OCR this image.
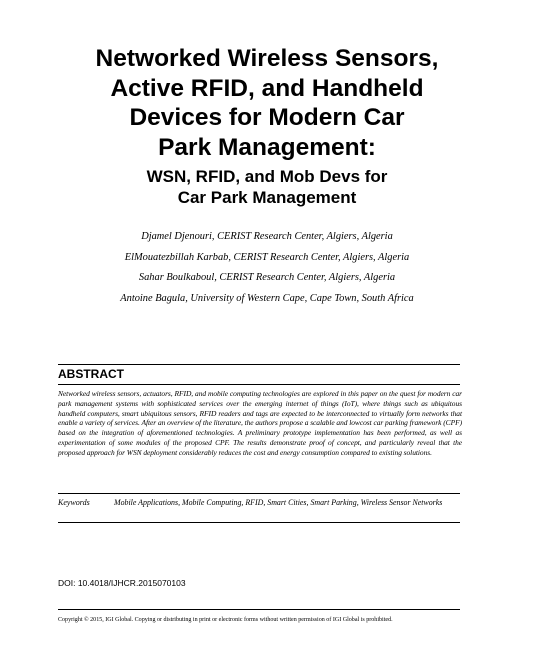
Networked Wireless Sensors,
Active RFID, and Handheld
Devices for Modern Car
Park Management:
WSN, RFID, and Mob Devs for
Car Park Management
Djamel Djenouri, CERIST Research Center, Algiers, Algeria
ElMouatezbillah Karbab, CERIST Research Center, Algiers, Algeria
Sahar Boulkaboul, CERIST Research Center, Algiers, Algeria
Antoine Bagula, University of Western Cape, Cape Town, South Africa
ABSTRACT
Networked wireless sensors, actuators, RFID, and mobile computing technologies are explored in this paper on the quest for modern car park management systems with sophisticated services over the emerging internet of things (IoT), where things such as ubiquitous handheld computers, smart ubiquitous sensors, RFID readers and tags are expected to be interconnected to virtually form networks that enable a variety of services. After an overview of the literature, the authors propose a scalable and lowcost car parking framework (CPF) based on the integration of aforementioned technologies. A preliminary prototype implementation has been performed, as well as experimentation of some modules of the proposed CPF. The results demonstrate proof of concept, and particularly reveal that the proposed approach for WSN deployment considerably reduces the cost and energy consumption compared to existing solutions.
Keywords	Mobile Applications, Mobile Computing, RFID, Smart Cities, Smart Parking, Wireless Sensor Networks
DOI: 10.4018/IJHCR.2015070103
Copyright © 2015, IGI Global. Copying or distributing in print or electronic forms without written permission of IGI Global is prohibited.
